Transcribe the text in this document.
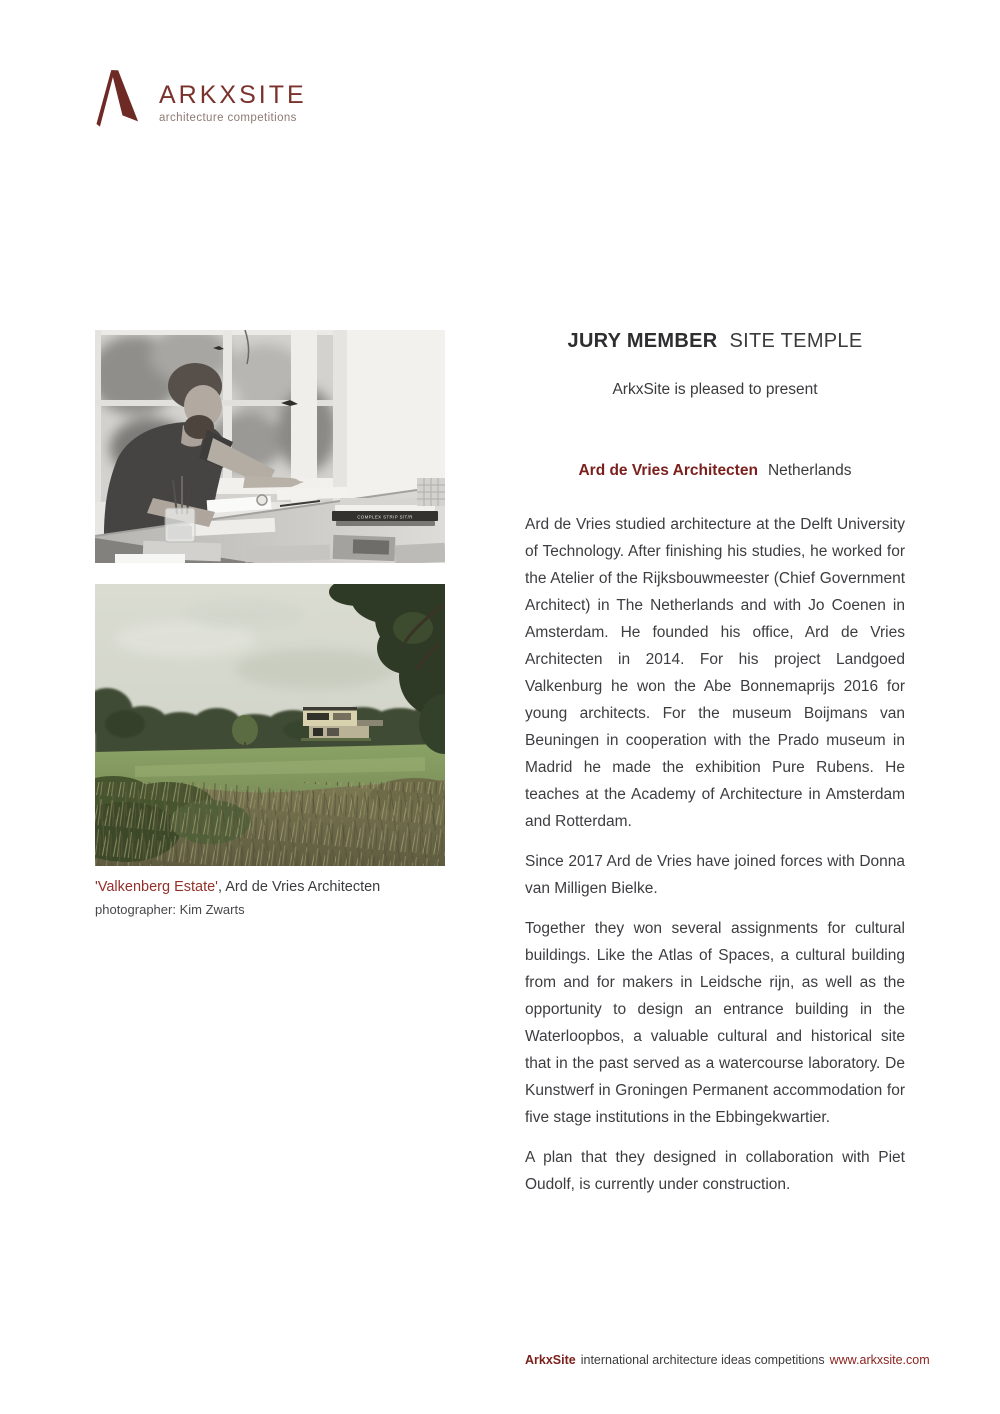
ARKXSITE
architecture competitions
COMPLEX STRIP S/T/R

'Valkenberg Estate', Ard de Vries Architecten

photographer: Kim Zwarts

JURY MEMBER SITE TEMPLE

ArkxSite is pleased to present

Ard de Vries Architecten Netherlands

Ard de Vries studied architecture at the Delft University of Technology. After finishing his studies, he worked for the Atelier of the Rijksbouwmeester (Chief Government Architect) in The Netherlands and with Jo Coenen in Amsterdam. He founded his office, Ard de Vries Architecten in 2014. For his project Landgoed Valkenburg he won the Abe Bonnemaprijs 2016 for young architects. For the museum Boijmans van Beuningen in cooperation with the Prado museum in Madrid he made the exhibition Pure Rubens. He teaches at the Academy of Architecture in Amsterdam and Rotterdam.

Since 2017 Ard de Vries have joined forces with Donna van Milligen Bielke.

Together they won several assignments for cultural buildings. Like the Atlas of Spaces, a cultural building from and for makers in Leidsche rijn, as well as the opportunity to design an entrance building in the Waterloopbos, a valuable cultural and historical site that in the past served as a watercourse laboratory. De Kunstwerf in Groningen Permanent accommodation for five stage institutions in the Ebbingekwartier.

A plan that they designed in collaboration with Piet Oudolf, is currently under construction.

ArkxSite international architecture ideas competitions www.arkxsite.com
